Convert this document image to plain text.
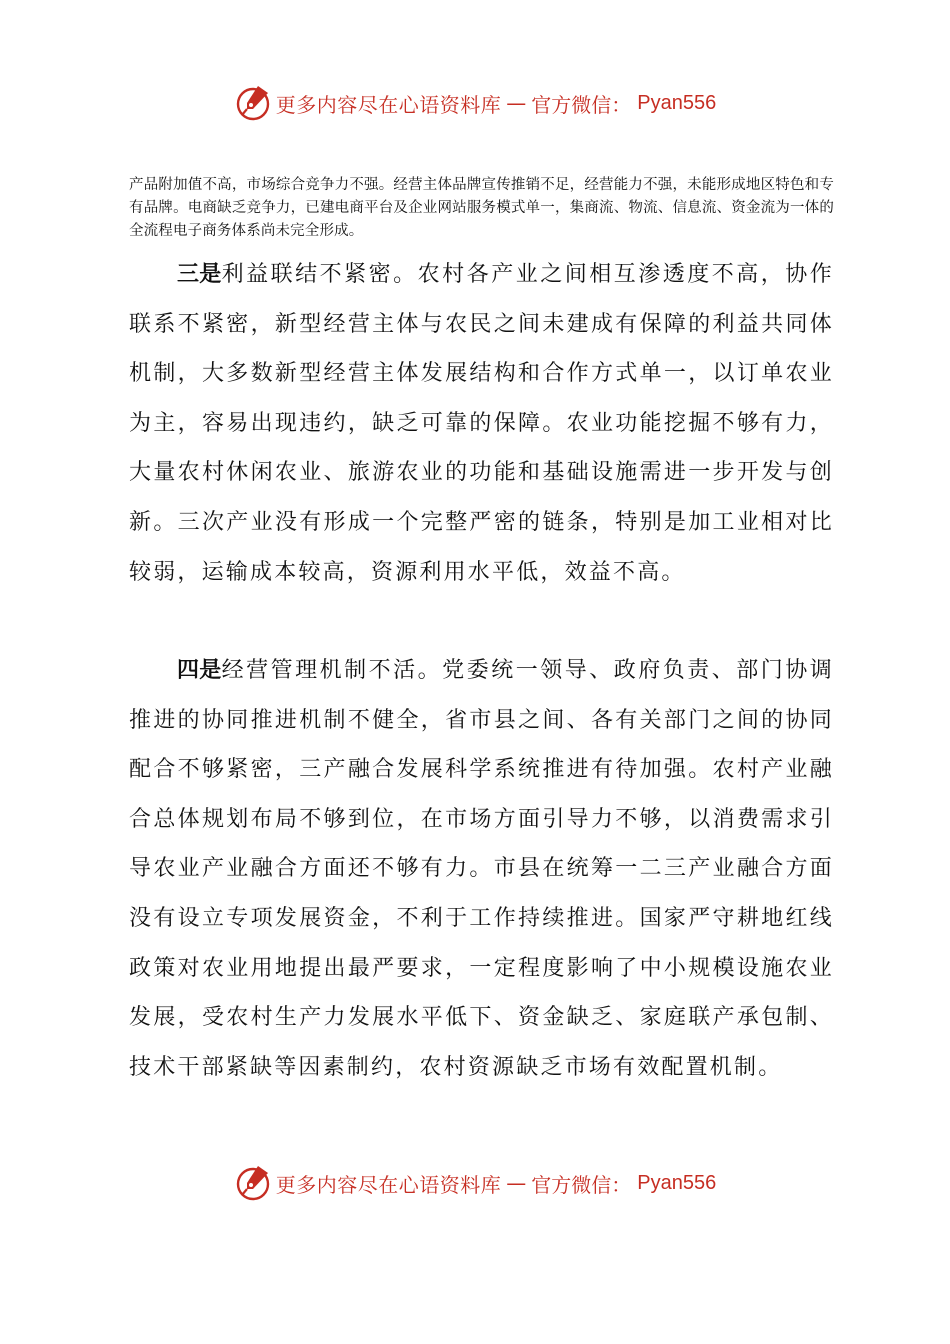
更多内容尽在心语资料库 — 官方微信： Pyan556

产品附加值不高，市场综合竞争力不强。经营主体品牌宣传推销不足，经营能力不强，未能形成地区特色和专有品牌。电商缺乏竞争力，已建电商平台及企业网站服务模式单一，集商流、物流、信息流、资金流为一体的全流程电子商务体系尚未完全形成。

三是利益联结不紧密。农村各产业之间相互渗透度不高，协作联系不紧密，新型经营主体与农民之间未建成有保障的利益共同体机制，大多数新型经营主体发展结构和合作方式单一，以订单农业为主，容易出现违约，缺乏可靠的保障。农业功能挖掘不够有力，大量农村休闲农业、旅游农业的功能和基础设施需进一步开发与创新。三次产业没有形成一个完整严密的链条，特别是加工业相对比较弱，运输成本较高，资源利用水平低，效益不高。

四是经营管理机制不活。党委统一领导、政府负责、部门协调推进的协同推进机制不健全，省市县之间、各有关部门之间的协同配合不够紧密，三产融合发展科学系统推进有待加强。农村产业融合总体规划布局不够到位，在市场方面引导力不够，以消费需求引导农业产业融合方面还不够有力。市县在统筹一二三产业融合方面没有设立专项发展资金，不利于工作持续推进。国家严守耕地红线政策对农业用地提出最严要求，一定程度影响了中小规模设施农业发展，受农村生产力发展水平低下、资金缺乏、家庭联产承包制、技术干部紧缺等因素制约，农村资源缺乏市场有效配置机制。

更多内容尽在心语资料库 — 官方微信： Pyan556
